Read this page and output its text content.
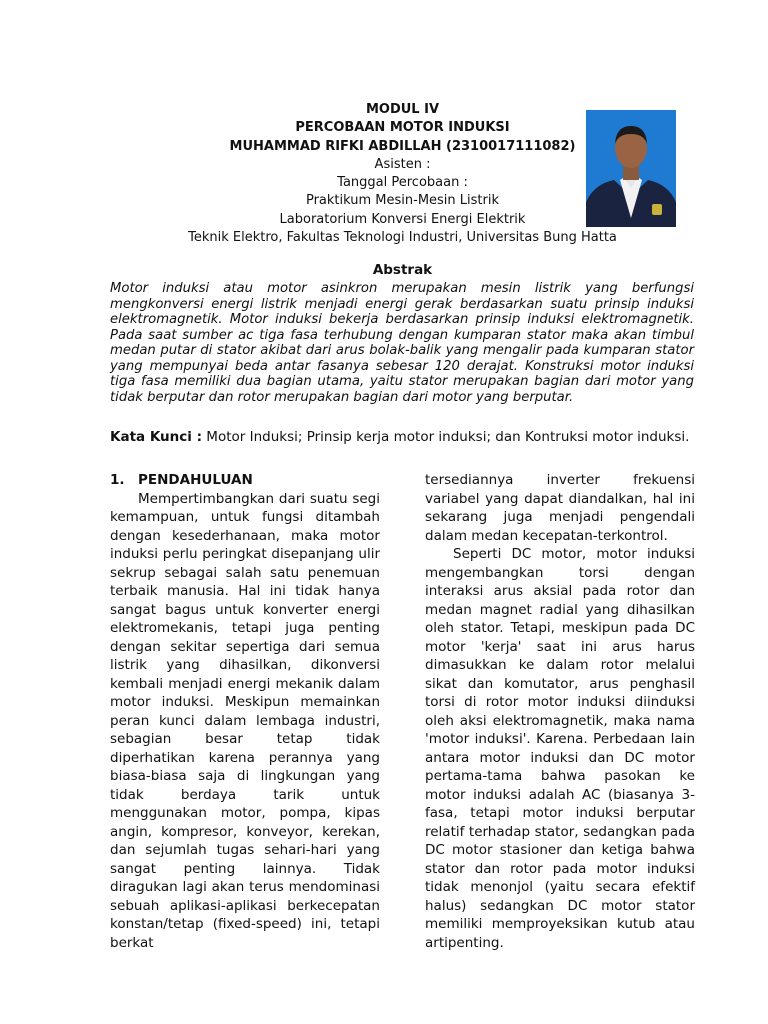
MODUL IV
PERCOBAAN MOTOR INDUKSI
MUHAMMAD RIFKI ABDILLAH (2310017111082)
Asisten :
Tanggal Percobaan :
Praktikum Mesin-Mesin Listrik
Laboratorium Konversi Energi Elektrik
Teknik Elektro, Fakultas Teknologi Industri, Universitas Bung Hatta
Abstrak
Motor induksi atau motor asinkron merupakan mesin listrik yang berfungsi mengkonversi energi listrik menjadi energi gerak berdasarkan suatu prinsip induksi elektromagnetik. Motor induksi bekerja berdasarkan prinsip induksi elektromagnetik. Pada saat sumber ac tiga fasa terhubung dengan kumparan stator maka akan timbul medan putar di stator akibat dari arus bolak-balik yang mengalir pada kumparan stator yang mempunyai beda antar fasanya sebesar 120 derajat. Konstruksi motor induksi tiga fasa memiliki dua bagian utama, yaitu stator merupakan bagian dari motor yang tidak berputar dan rotor merupakan bagian dari motor yang berputar.
Kata Kunci : Motor Induksi; Prinsip kerja motor induksi; dan Kontruksi motor induksi.
1. PENDAHULUAN

Mempertimbangkan dari suatu segi kemampuan, untuk fungsi ditambah dengan kesederhanaan, maka motor induksi perlu peringkat disepanjang ulir sekrup sebagai salah satu penemuan terbaik manusia. Hal ini tidak hanya sangat bagus untuk konverter energi elektromekanis, tetapi juga penting dengan sekitar sepertiga dari semua listrik yang dihasilkan, dikonversi kembali menjadi energi mekanik dalam motor induksi. Meskipun memainkan peran kunci dalam lembaga industri, sebagian besar tetap tidak diperhatikan karena perannya yang biasa-biasa saja di lingkungan yang tidak berdaya tarik untuk menggunakan motor, pompa, kipas angin, kompresor, konveyor, kerekan, dan sejumlah tugas sehari-hari yang sangat penting lainnya. Tidak diragukan lagi akan terus mendominasi sebuah aplikasi-aplikasi berkecepatan konstan/tetap (fixed-speed) ini, tetapi berkat

tersediannya inverter frekuensi variabel yang dapat diandalkan, hal ini sekarang juga menjadi pengendali dalam medan kecepatan-terkontrol.

Seperti DC motor, motor induksi mengembangkan torsi dengan interaksi arus aksial pada rotor dan medan magnet radial yang dihasilkan oleh stator. Tetapi, meskipun pada DC motor 'kerja' saat ini arus harus dimasukkan ke dalam rotor melalui sikat dan komutator, arus penghasil torsi di rotor motor induksi diinduksi oleh aksi elektromagnetik, maka nama 'motor induksi'. Karena. Perbedaan lain antara motor induksi dan DC motor pertama-tama bahwa pasokan ke motor induksi adalah AC (biasanya 3-fasa, tetapi motor induksi berputar relatif terhadap stator, sedangkan pada DC motor stasioner dan ketiga bahwa stator dan rotor pada motor induksi tidak menonjol (yaitu secara efektif halus) sedangkan DC motor stator memiliki memproyeksikan kutub atau artipenting.
